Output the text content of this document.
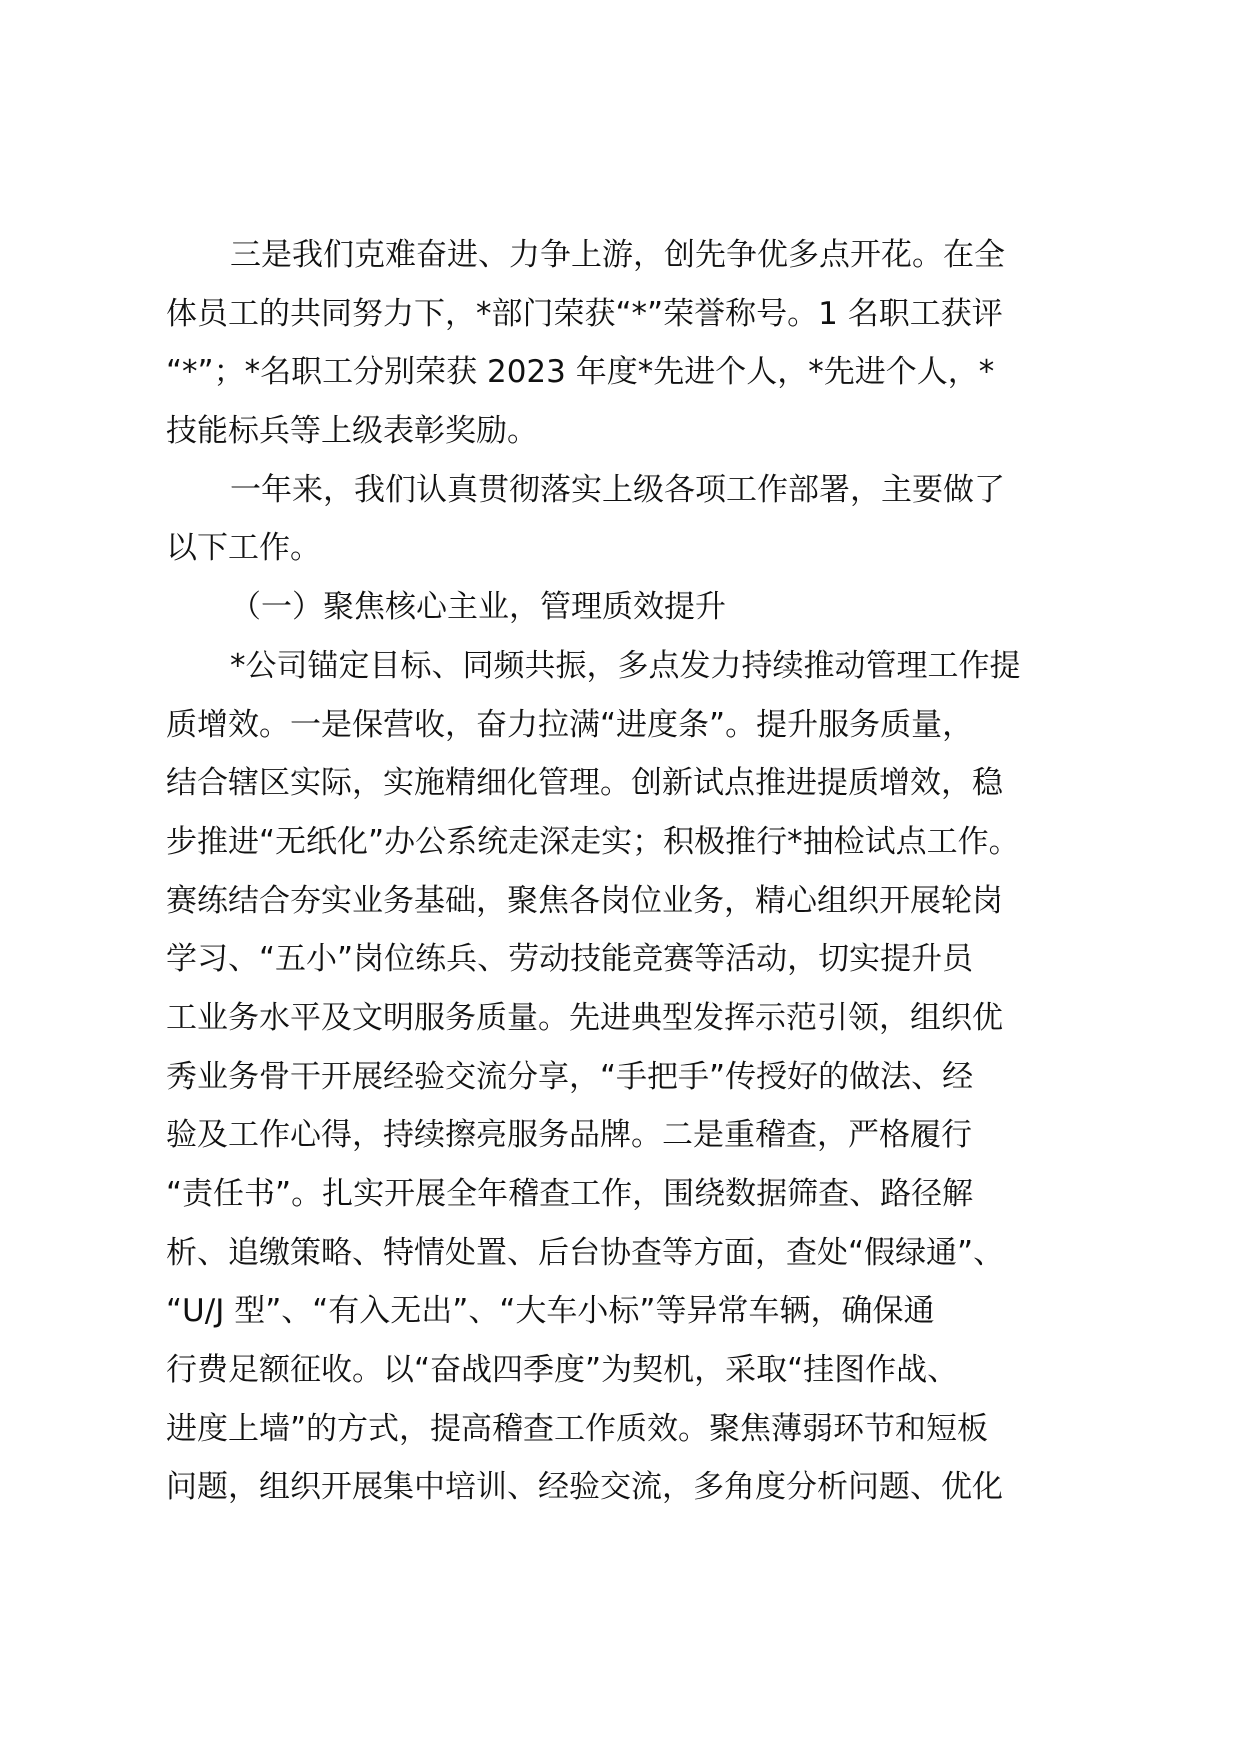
三是我们克难奋进、力争上游，创先争优多点开花。在全
体员工的共同努力下，*部门荣获“*”荣誉称号。1 名职工获评
“*”；*名职工分别荣获 2023 年度*先进个人，*先进个人，*
技能标兵等上级表彰奖励。
一年来，我们认真贯彻落实上级各项工作部署，主要做了
以下工作。
（一）聚焦核心主业，管理质效提升
*公司锚定目标、同频共振，多点发力持续推动管理工作提
质增效。一是保营收，奋力拉满“进度条”。提升服务质量，
结合辖区实际，实施精细化管理。创新试点推进提质增效，稳
步推进“无纸化”办公系统走深走实；积极推行*抽检试点工作。
赛练结合夯实业务基础，聚焦各岗位业务，精心组织开展轮岗
学习、“五小”岗位练兵、劳动技能竞赛等活动，切实提升员
工业务水平及文明服务质量。先进典型发挥示范引领，组织优
秀业务骨干开展经验交流分享，“手把手”传授好的做法、经
验及工作心得，持续擦亮服务品牌。二是重稽查，严格履行
“责任书”。扎实开展全年稽查工作，围绕数据筛查、路径解
析、追缴策略、特情处置、后台协查等方面，查处“假绿通”、
“U/J 型”、“有入无出”、“大车小标”等异常车辆，确保通
行费足额征收。以“奋战四季度”为契机，采取“挂图作战、
进度上墙”的方式，提高稽查工作质效。聚焦薄弱环节和短板
问题，组织开展集中培训、经验交流，多角度分析问题、优化
